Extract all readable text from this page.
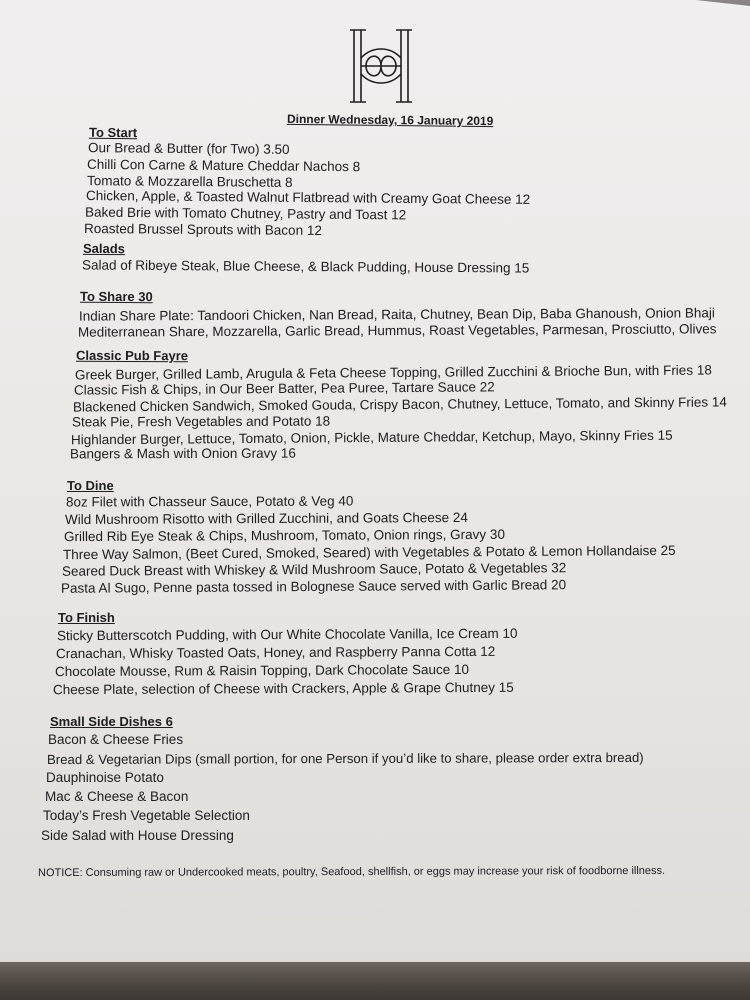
Dinner Wednesday, 16 January 2019
To Start
Our Bread & Butter (for Two) 3.50
Chilli Con Carne & Mature Cheddar Nachos 8
Tomato & Mozzarella Bruschetta 8
Chicken, Apple, & Toasted Walnut Flatbread with Creamy Goat Cheese 12
Baked Brie with Tomato Chutney, Pastry and Toast 12
Roasted Brussel Sprouts with Bacon 12
Salads
Salad of Ribeye Steak, Blue Cheese, & Black Pudding, House Dressing 15
To Share 30
Indian Share Plate: Tandoori Chicken, Nan Bread, Raita, Chutney, Bean Dip, Baba Ghanoush, Onion Bhaji
Mediterranean Share, Mozzarella, Garlic Bread, Hummus, Roast Vegetables, Parmesan, Prosciutto, Olives
Classic Pub Fayre
Greek Burger, Grilled Lamb, Arugula & Feta Cheese Topping, Grilled Zucchini & Brioche Bun, with Fries 18
Classic Fish & Chips, in Our Beer Batter, Pea Puree, Tartare Sauce 22
Blackened Chicken Sandwich, Smoked Gouda, Crispy Bacon, Chutney, Lettuce, Tomato, and Skinny Fries 14
Steak Pie, Fresh Vegetables and Potato 18
Highlander Burger, Lettuce, Tomato, Onion, Pickle, Mature Cheddar, Ketchup, Mayo, Skinny Fries 15
Bangers & Mash with Onion Gravy 16
To Dine
8oz Filet with Chasseur Sauce, Potato & Veg 40
Wild Mushroom Risotto with Grilled Zucchini, and Goats Cheese 24
Grilled Rib Eye Steak & Chips, Mushroom, Tomato, Onion rings, Gravy 30
Three Way Salmon, (Beet Cured, Smoked, Seared) with Vegetables & Potato & Lemon Hollandaise 25
Seared Duck Breast with Whiskey & Wild Mushroom Sauce, Potato & Vegetables 32
Pasta Al Sugo, Penne pasta tossed in Bolognese Sauce served with Garlic Bread 20
To Finish
Sticky Butterscotch Pudding, with Our White Chocolate Vanilla, Ice Cream 10
Cranachan, Whisky Toasted Oats, Honey, and Raspberry Panna Cotta 12
Chocolate Mousse, Rum & Raisin Topping, Dark Chocolate Sauce 10
Cheese Plate, selection of Cheese with Crackers, Apple & Grape Chutney 15
Small Side Dishes 6
Bacon & Cheese Fries
Bread & Vegetarian Dips (small portion, for one Person if you’d like to share, please order extra bread)
Dauphinoise Potato
Mac & Cheese & Bacon
Today’s Fresh Vegetable Selection
Side Salad with House Dressing
NOTICE: Consuming raw or Undercooked meats, poultry, Seafood, shellfish, or eggs may increase your risk of foodborne illness.
